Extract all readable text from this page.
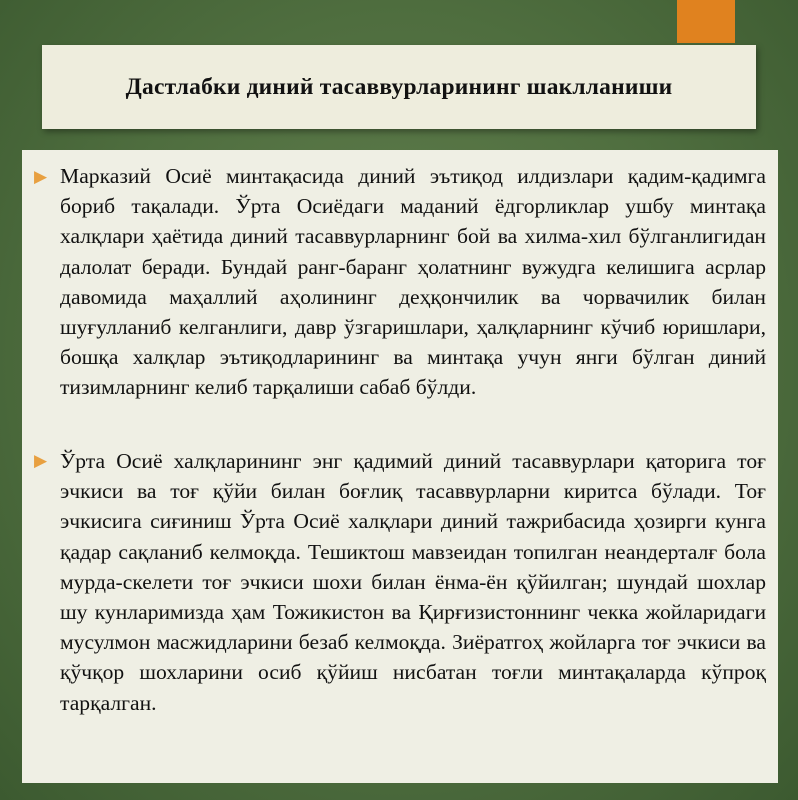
Дастлабки диний тасаввурларининг шаклланиши
▶ Марказий Осиё минтақасида диний эътиқод илдизлари қадим-қадимга бориб тақалади. Ўрта Осиёдаги маданий ёдгорликлар ушбу минтақа халқлари ҳаётида диний тасаввурларнинг бой ва хилма-хил бўлганлигидан далолат беради. Бундай ранг-баранг ҳолатнинг вужудга келишига асрлар давомида маҳаллий аҳолининг деҳқончилик ва чорвачилик билан шуғулланиб келганлиги, давр ўзгаришлари, ҳалқларнинг кўчиб юришлари, бошқа халқлар эътиқодларининг ва минтақа учун янги бўлган диний тизимларнинг келиб тарқалиши сабаб бўлди.

▶ Ўрта Осиё халқларининг энг қадимий диний тасаввурлари қаторига тоғ эчкиси ва тоғ қўйи билан боғлиқ тасаввурларни киритса бўлади. Тоғ эчкисига сиғиниш Ўрта Осиё халқлари диний тажрибасида ҳозирги кунга қадар сақланиб келмоқда. Тешиктош мавзеидан топилган неандерталғ бола мурда-скелети тоғ эчкиси шохи билан ёнма-ён қўйилган; шундай шохлар шу кунларимизда ҳам Тожикистон ва Қирғизистоннинг чекка жойларидаги мусулмон масжидларини безаб келмоқда. Зиёратгоҳ жойларга тоғ эчкиси ва қўчқор шохларини осиб қўйиш нисбатан тоғли минтақаларда кўпроқ тарқалган.
